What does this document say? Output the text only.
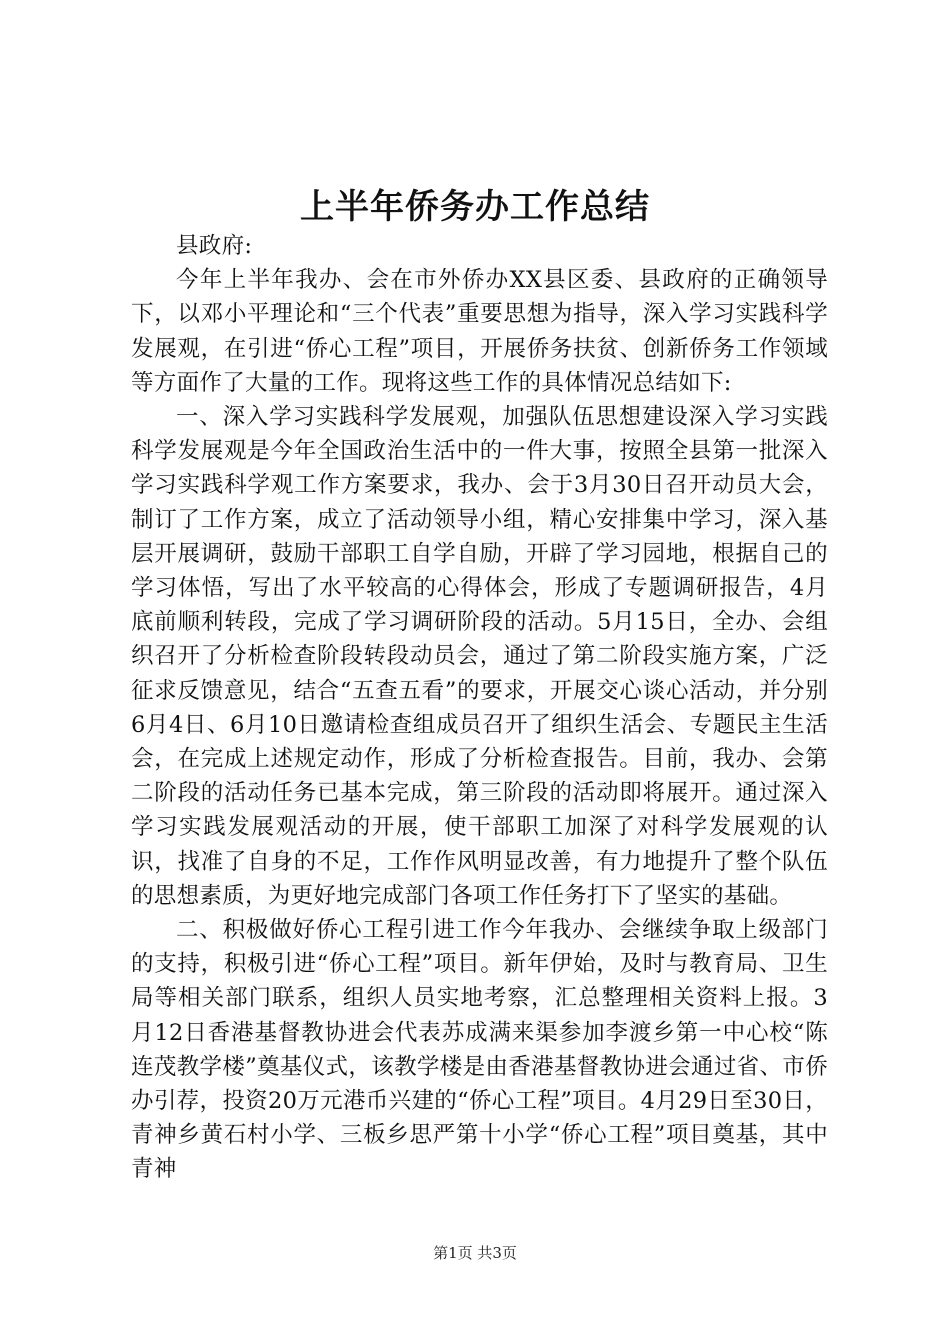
上半年侨务办工作总结

县政府:

今年上半年我办、会在市外侨办XX县区委、县政府的正确领导下，以邓小平理论和“三个代表”重要思想为指导，深入学习实践科学发展观，在引进“侨心工程”项目，开展侨务扶贫、创新侨务工作领域等方面作了大量的工作。现将这些工作的具体情况总结如下:

一、深入学习实践科学发展观，加强队伍思想建设深入学习实践科学发展观是今年全国政治生活中的一件大事，按照全县第一批深入学习实践科学观工作方案要求，我办、会于3月30日召开动员大会，制订了工作方案，成立了活动领导小组，精心安排集中学习，深入基层开展调研，鼓励干部职工自学自励，开辟了学习园地，根据自己的学习体悟，写出了水平较高的心得体会，形成了专题调研报告，4月底前顺利转段，完成了学习调研阶段的活动。5月15日，全办、会组织召开了分析检查阶段转段动员会，通过了第二阶段实施方案，广泛征求反馈意见，结合“五查五看”的要求，开展交心谈心活动，并分别6月4日、6月10日邀请检查组成员召开了组织生活会、专题民主生活会，在完成上述规定动作，形成了分析检查报告。目前，我办、会第二阶段的活动任务已基本完成，第三阶段的活动即将展开。通过深入学习实践发展观活动的开展，使干部职工加深了对科学发展观的认识，找准了自身的不足，工作作风明显改善，有力地提升了整个队伍的思想素质，为更好地完成部门各项工作任务打下了坚实的基础。

二、积极做好侨心工程引进工作今年我办、会继续争取上级部门的支持，积极引进“侨心工程”项目。新年伊始，及时与教育局、卫生局等相关部门联系，组织人员实地考察，汇总整理相关资料上报。3月12日香港基督教协进会代表苏成满来渠参加李渡乡第一中心校“陈连茂教学楼”奠基仪式，该教学楼是由香港基督教协进会通过省、市侨办引荐，投资20万元港币兴建的“侨心工程”项目。4月29日至30日，青神乡黄石村小学、三板乡思严第十小学“侨心工程”项目奠基，其中青神

第1页 共3页
